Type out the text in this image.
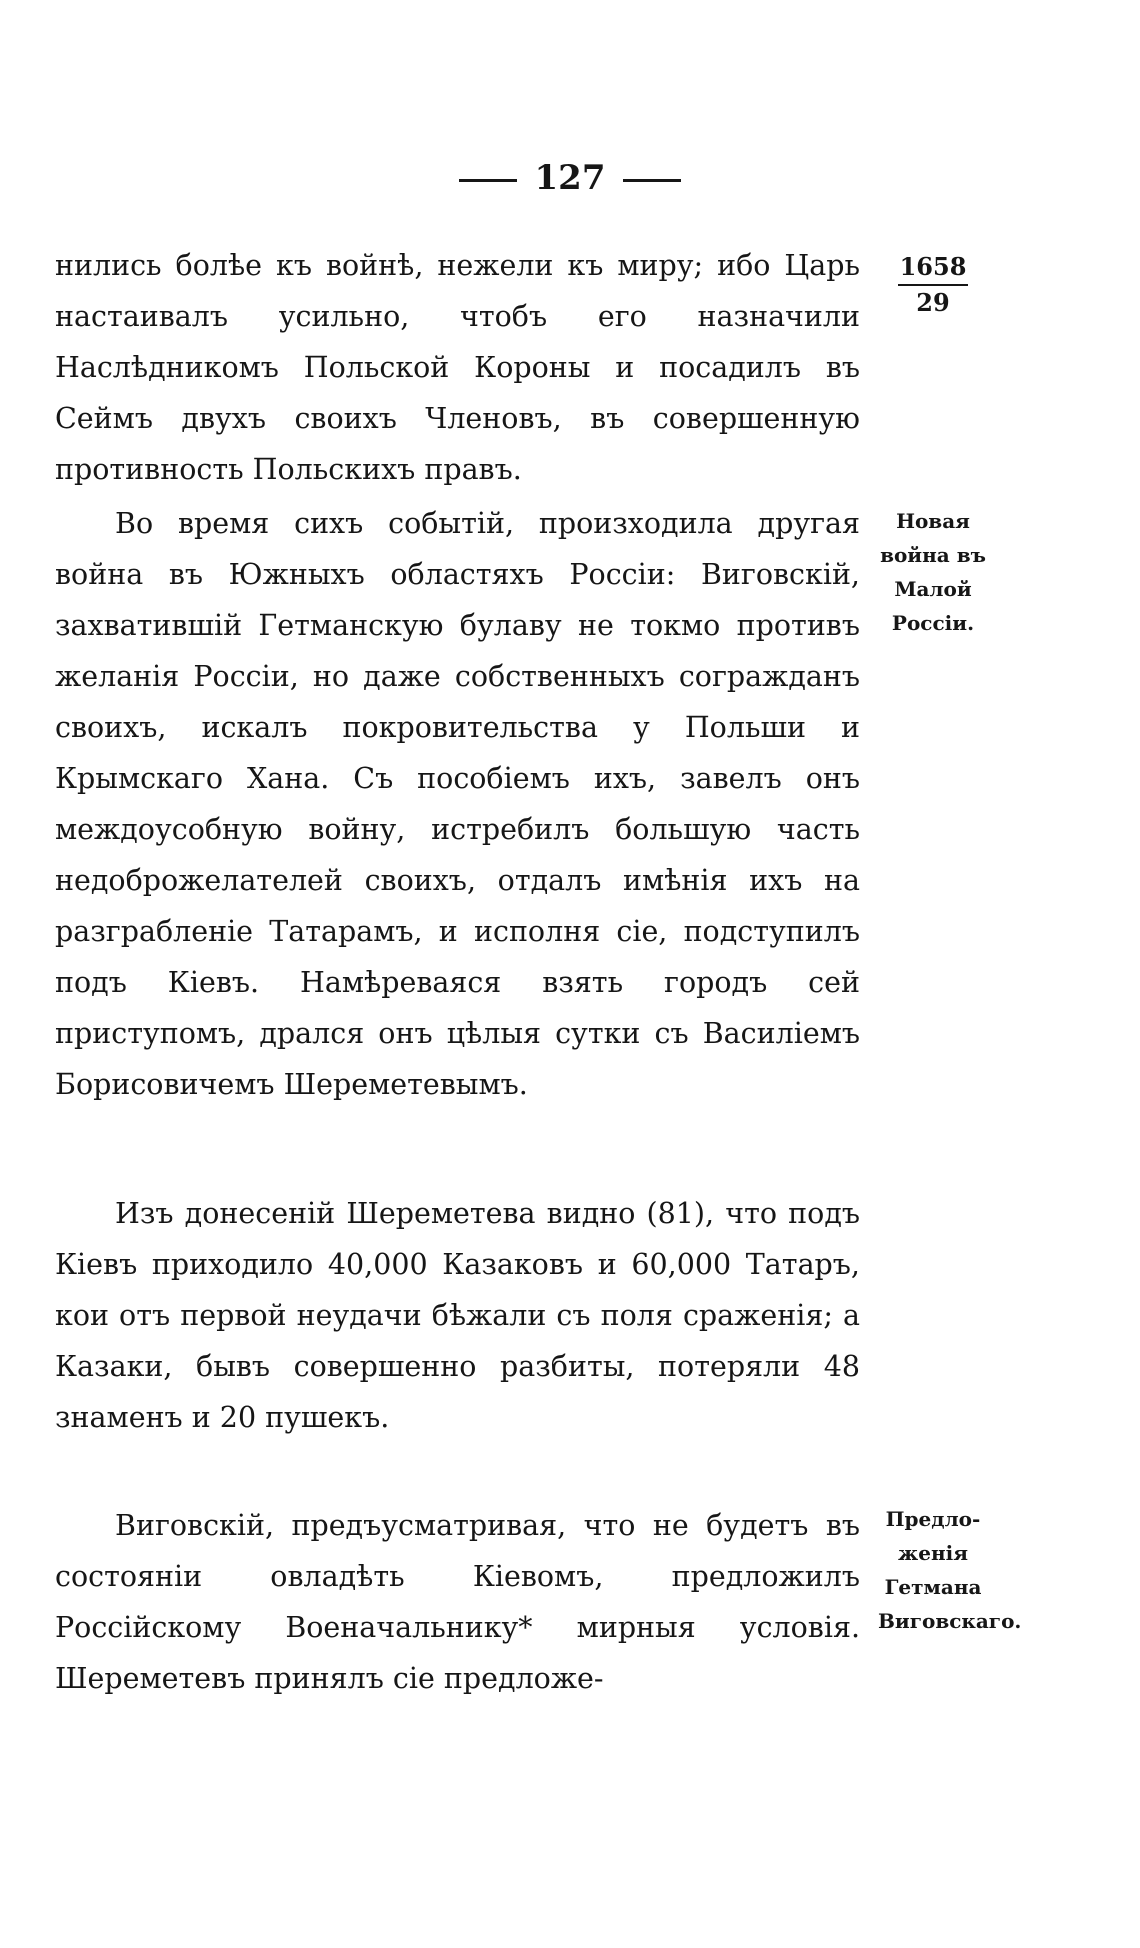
127

нились болѣе къ войнѣ, нежели къ миру; ибо Царь настаивалъ усильно, чтобъ его назначили Наслѣдникомъ Польской Короны и посадилъ въ Сеймъ двухъ своихъ Членовъ, въ совершенную противность Польскихъ правъ.

Во время сихъ событій, произходила другая война въ Южныхъ областяхъ Россіи: Виговскій, захватившій Гетманскую булаву не токмо противъ желанія Россіи, но даже собственныхъ согражданъ своихъ, искалъ покровительства у Польши и Крымскаго Хана. Съ пособіемъ ихъ, завелъ онъ междоусобную войну, истребилъ большую часть недоброжелателей своихъ, отдалъ имѣнія ихъ на разграбленіе Татарамъ, и исполня сіе, подступилъ подъ Кіевъ. Намѣреваяся взять городъ сей приступомъ, дрался онъ цѣлыя сутки съ Василіемъ Борисовичемъ Шереметевымъ.

Изъ донесеній Шереметева видно (81), что подъ Кіевъ приходило 40,000 Казаковъ и 60,000 Татаръ, кои отъ первой неудачи бѣжали съ поля сраженія; а Казаки, бывъ совершенно разбиты, потеряли 48 знаменъ и 20 пушекъ.

Виговскій, предъусматривая, что не будетъ въ состояніи овладѣть Кіевомъ, предложилъ Россійскому Военачальнику* мирныя условія. Шереметевъ принялъ сіе предложе-

1658
29
Новая
война въ
Малой
Россіи.
Предло-
женія
Гетмана
Виговскаго.
